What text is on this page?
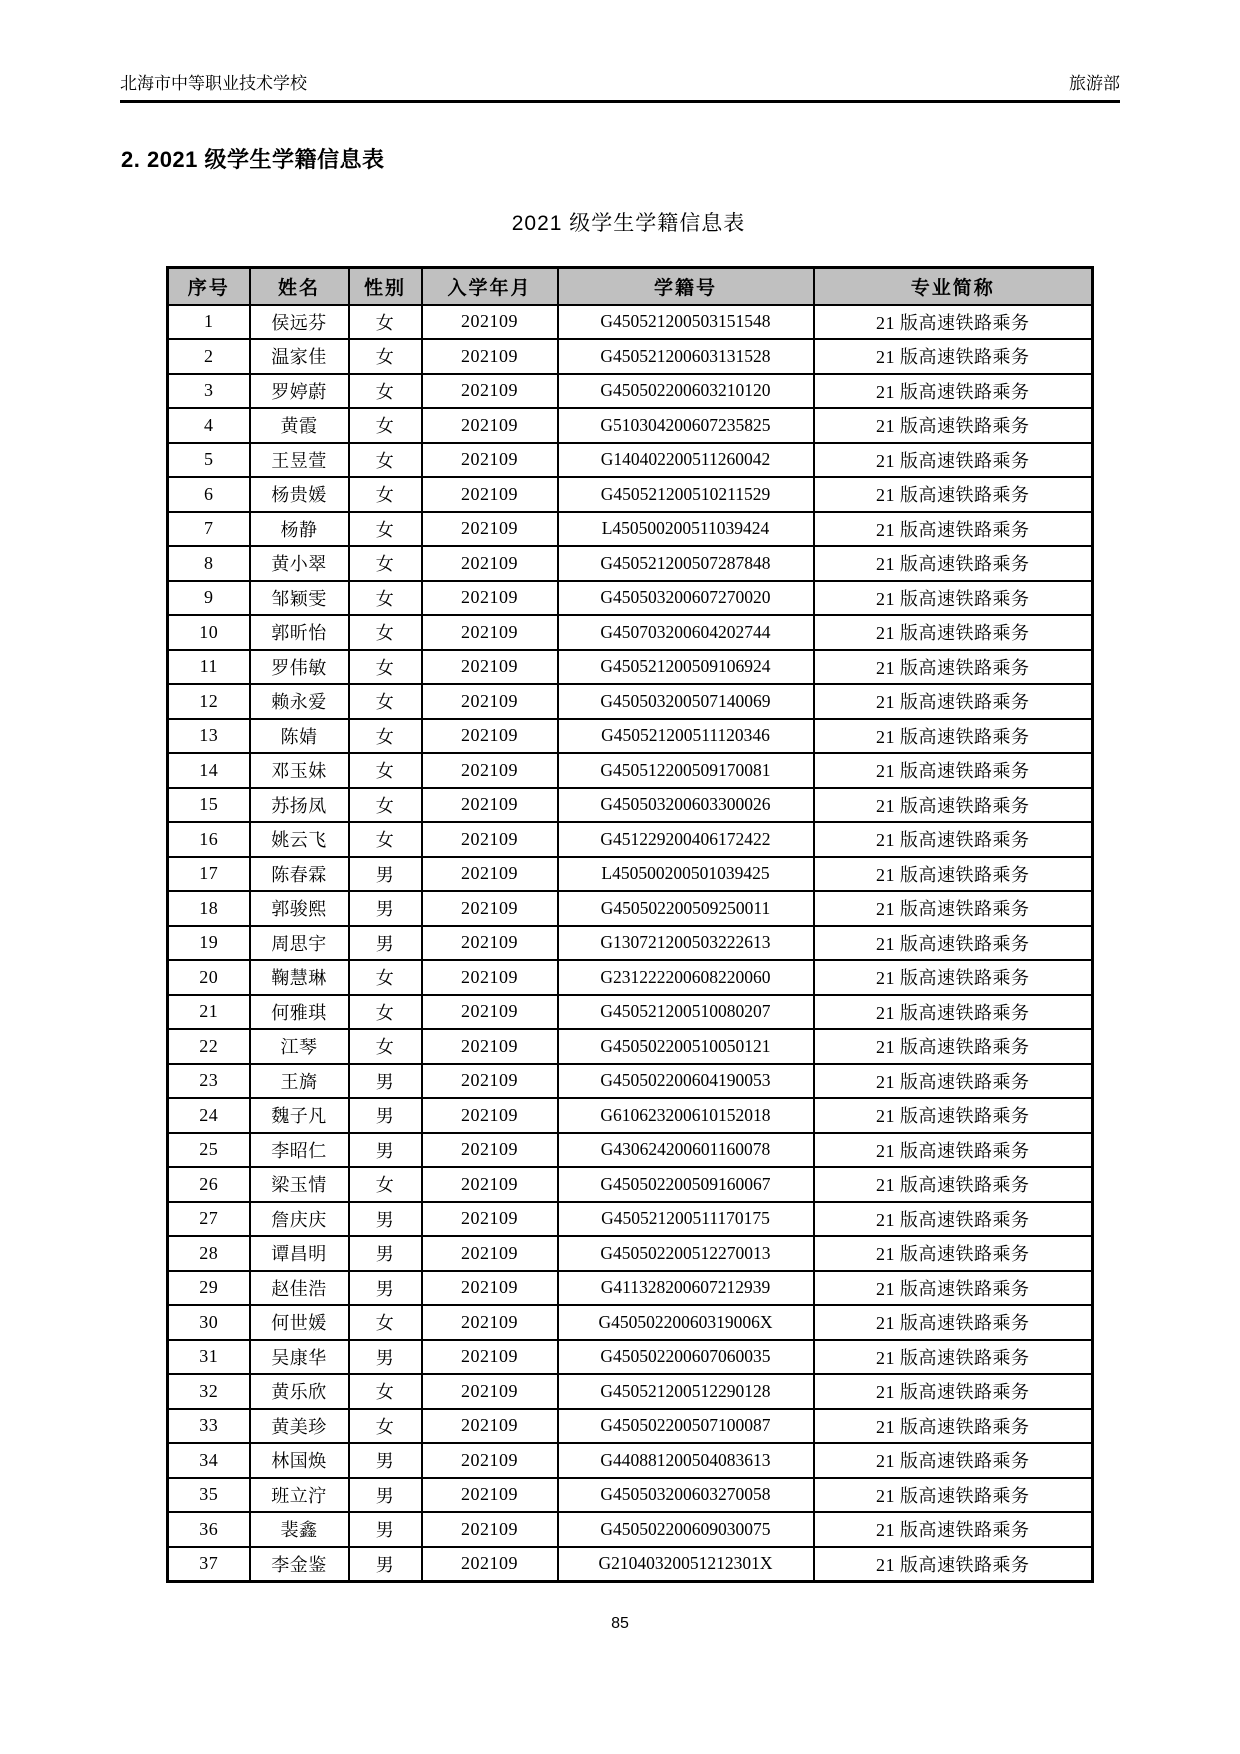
北海市中等职业技术学校	旅游部
2. 2021 级学生学籍信息表
2021 级学生学籍信息表
序号	姓名	性别	入学年月	学籍号	专业简称
1	侯远芬	女	202109	G450521200503151548	21 版高速铁路乘务
2	温家佳	女	202109	G450521200603131528	21 版高速铁路乘务
3	罗婷蔚	女	202109	G450502200603210120	21 版高速铁路乘务
4	黄霞	女	202109	G510304200607235825	21 版高速铁路乘务
5	王昱萱	女	202109	G140402200511260042	21 版高速铁路乘务
6	杨贵媛	女	202109	G450521200510211529	21 版高速铁路乘务
7	杨静	女	202109	L450500200511039424	21 版高速铁路乘务
8	黄小翠	女	202109	G450521200507287848	21 版高速铁路乘务
9	邹颖雯	女	202109	G450503200607270020	21 版高速铁路乘务
10	郭昕怡	女	202109	G450703200604202744	21 版高速铁路乘务
11	罗伟敏	女	202109	G450521200509106924	21 版高速铁路乘务
12	赖永爱	女	202109	G450503200507140069	21 版高速铁路乘务
13	陈婧	女	202109	G450521200511120346	21 版高速铁路乘务
14	邓玉妹	女	202109	G450512200509170081	21 版高速铁路乘务
15	苏扬凤	女	202109	G450503200603300026	21 版高速铁路乘务
16	姚云飞	女	202109	G451229200406172422	21 版高速铁路乘务
17	陈春霖	男	202109	L450500200501039425	21 版高速铁路乘务
18	郭骏熙	男	202109	G450502200509250011	21 版高速铁路乘务
19	周思宇	男	202109	G130721200503222613	21 版高速铁路乘务
20	鞠慧琳	女	202109	G231222200608220060	21 版高速铁路乘务
21	何雅琪	女	202109	G450521200510080207	21 版高速铁路乘务
22	江琴	女	202109	G450502200510050121	21 版高速铁路乘务
23	王旖	男	202109	G450502200604190053	21 版高速铁路乘务
24	魏子凡	男	202109	G610623200610152018	21 版高速铁路乘务
25	李昭仁	男	202109	G430624200601160078	21 版高速铁路乘务
26	梁玉情	女	202109	G450502200509160067	21 版高速铁路乘务
27	詹庆庆	男	202109	G450521200511170175	21 版高速铁路乘务
28	谭昌明	男	202109	G450502200512270013	21 版高速铁路乘务
29	赵佳浩	男	202109	G411328200607212939	21 版高速铁路乘务
30	何世媛	女	202109	G45050220060319006X	21 版高速铁路乘务
31	吴康华	男	202109	G450502200607060035	21 版高速铁路乘务
32	黄乐欣	女	202109	G450521200512290128	21 版高速铁路乘务
33	黄美珍	女	202109	G450502200507100087	21 版高速铁路乘务
34	林国焕	男	202109	G440881200504083613	21 版高速铁路乘务
35	班立泞	男	202109	G450503200603270058	21 版高速铁路乘务
36	裴鑫	男	202109	G450502200609030075	21 版高速铁路乘务
37	李金鉴	男	202109	G21040320051212301X	21 版高速铁路乘务
85
